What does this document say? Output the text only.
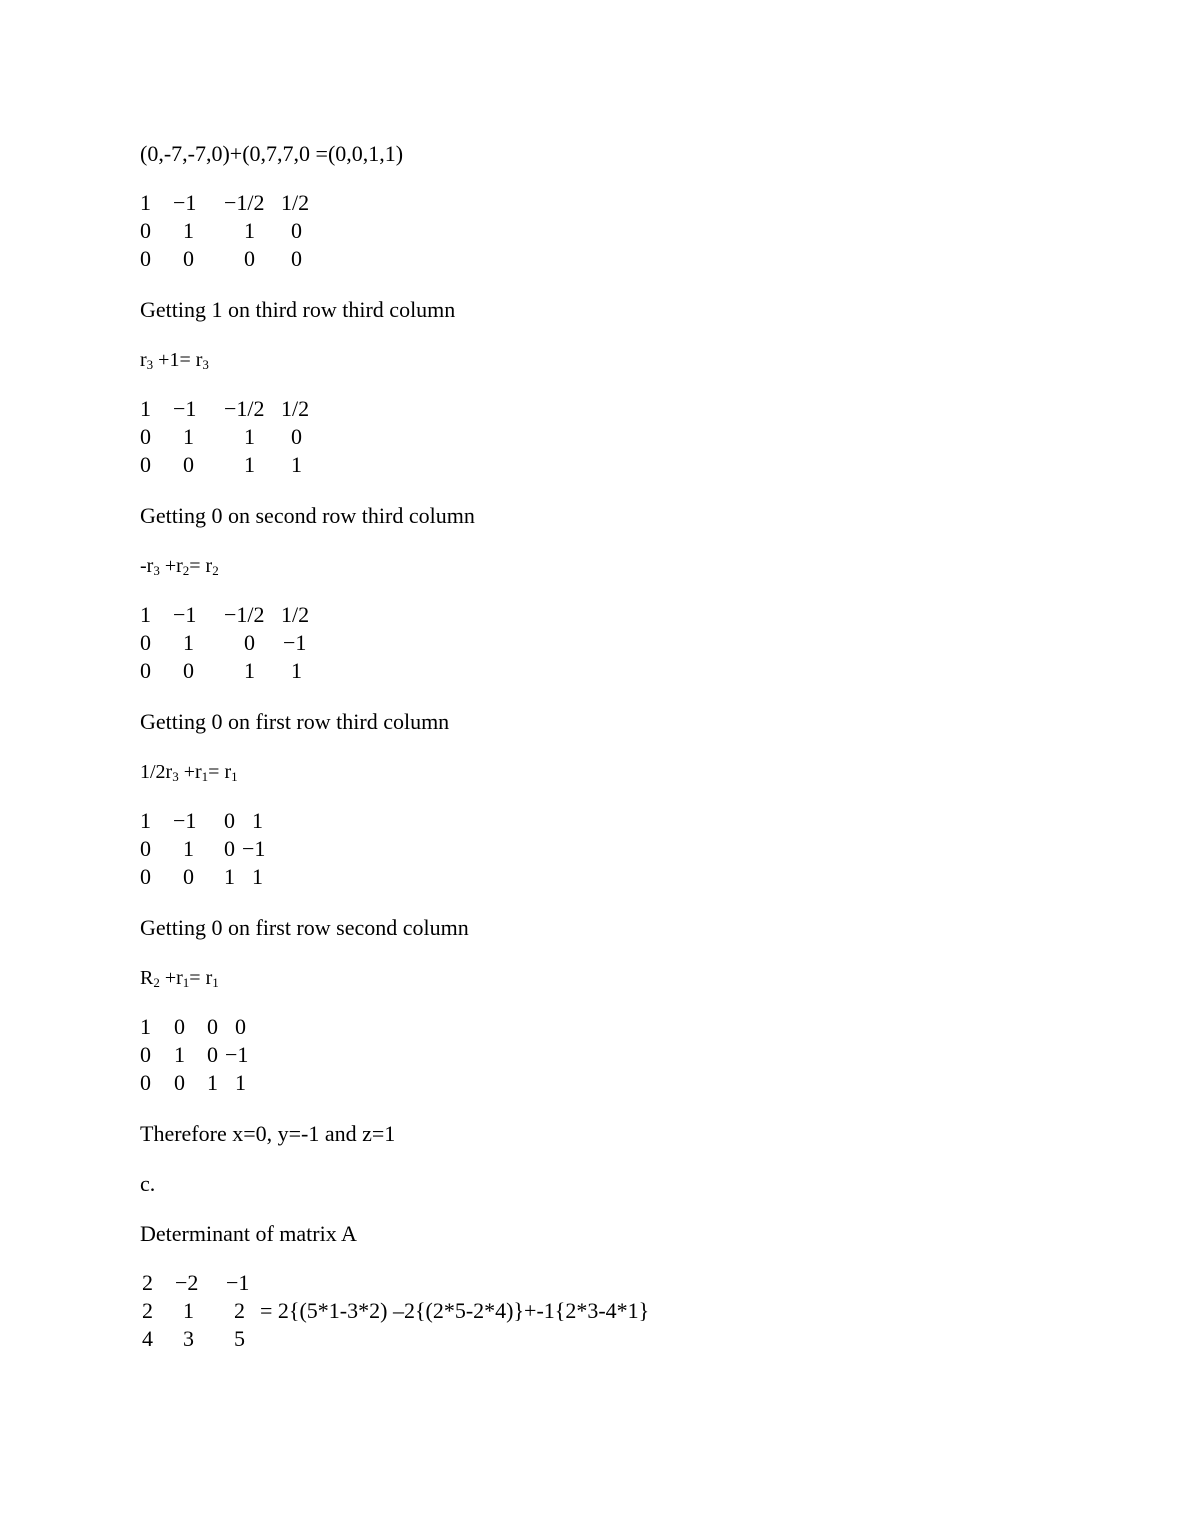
(0,-7,-7,0)+(0,7,7,0 =(0,0,1,1)
1 −1 −1/2 1/2
0 1 1 0
0 0 0 0
Getting 1 on third row third column
$r_3 +1= r_3$
1 −1 −1/2 1/2
0 1 1 0
0 0 1 1
Getting 0 on second row third column
$-r_3 +r_2= r_2$
1 −1 −1/2 1/2
0 1 0 −1
0 0 1 1
Getting 0 on first row third column
$1/2r_3 +r_1= r_1$
1 −1 0 1
0 1 0 −1
0 0 1 1
Getting 0 on first row second column
$R_2 +r_1= r_1$
1 0 0 0
0 1 0 −1
0 0 1 1
Therefore x=0, y=-1 and z=1
c.
Determinant of matrix A
2 −2 −1
2 1 2
4 3 5
= 2{(5*1-3*2) –2{(2*5-2*4)}+-1{2*3-4*1}
